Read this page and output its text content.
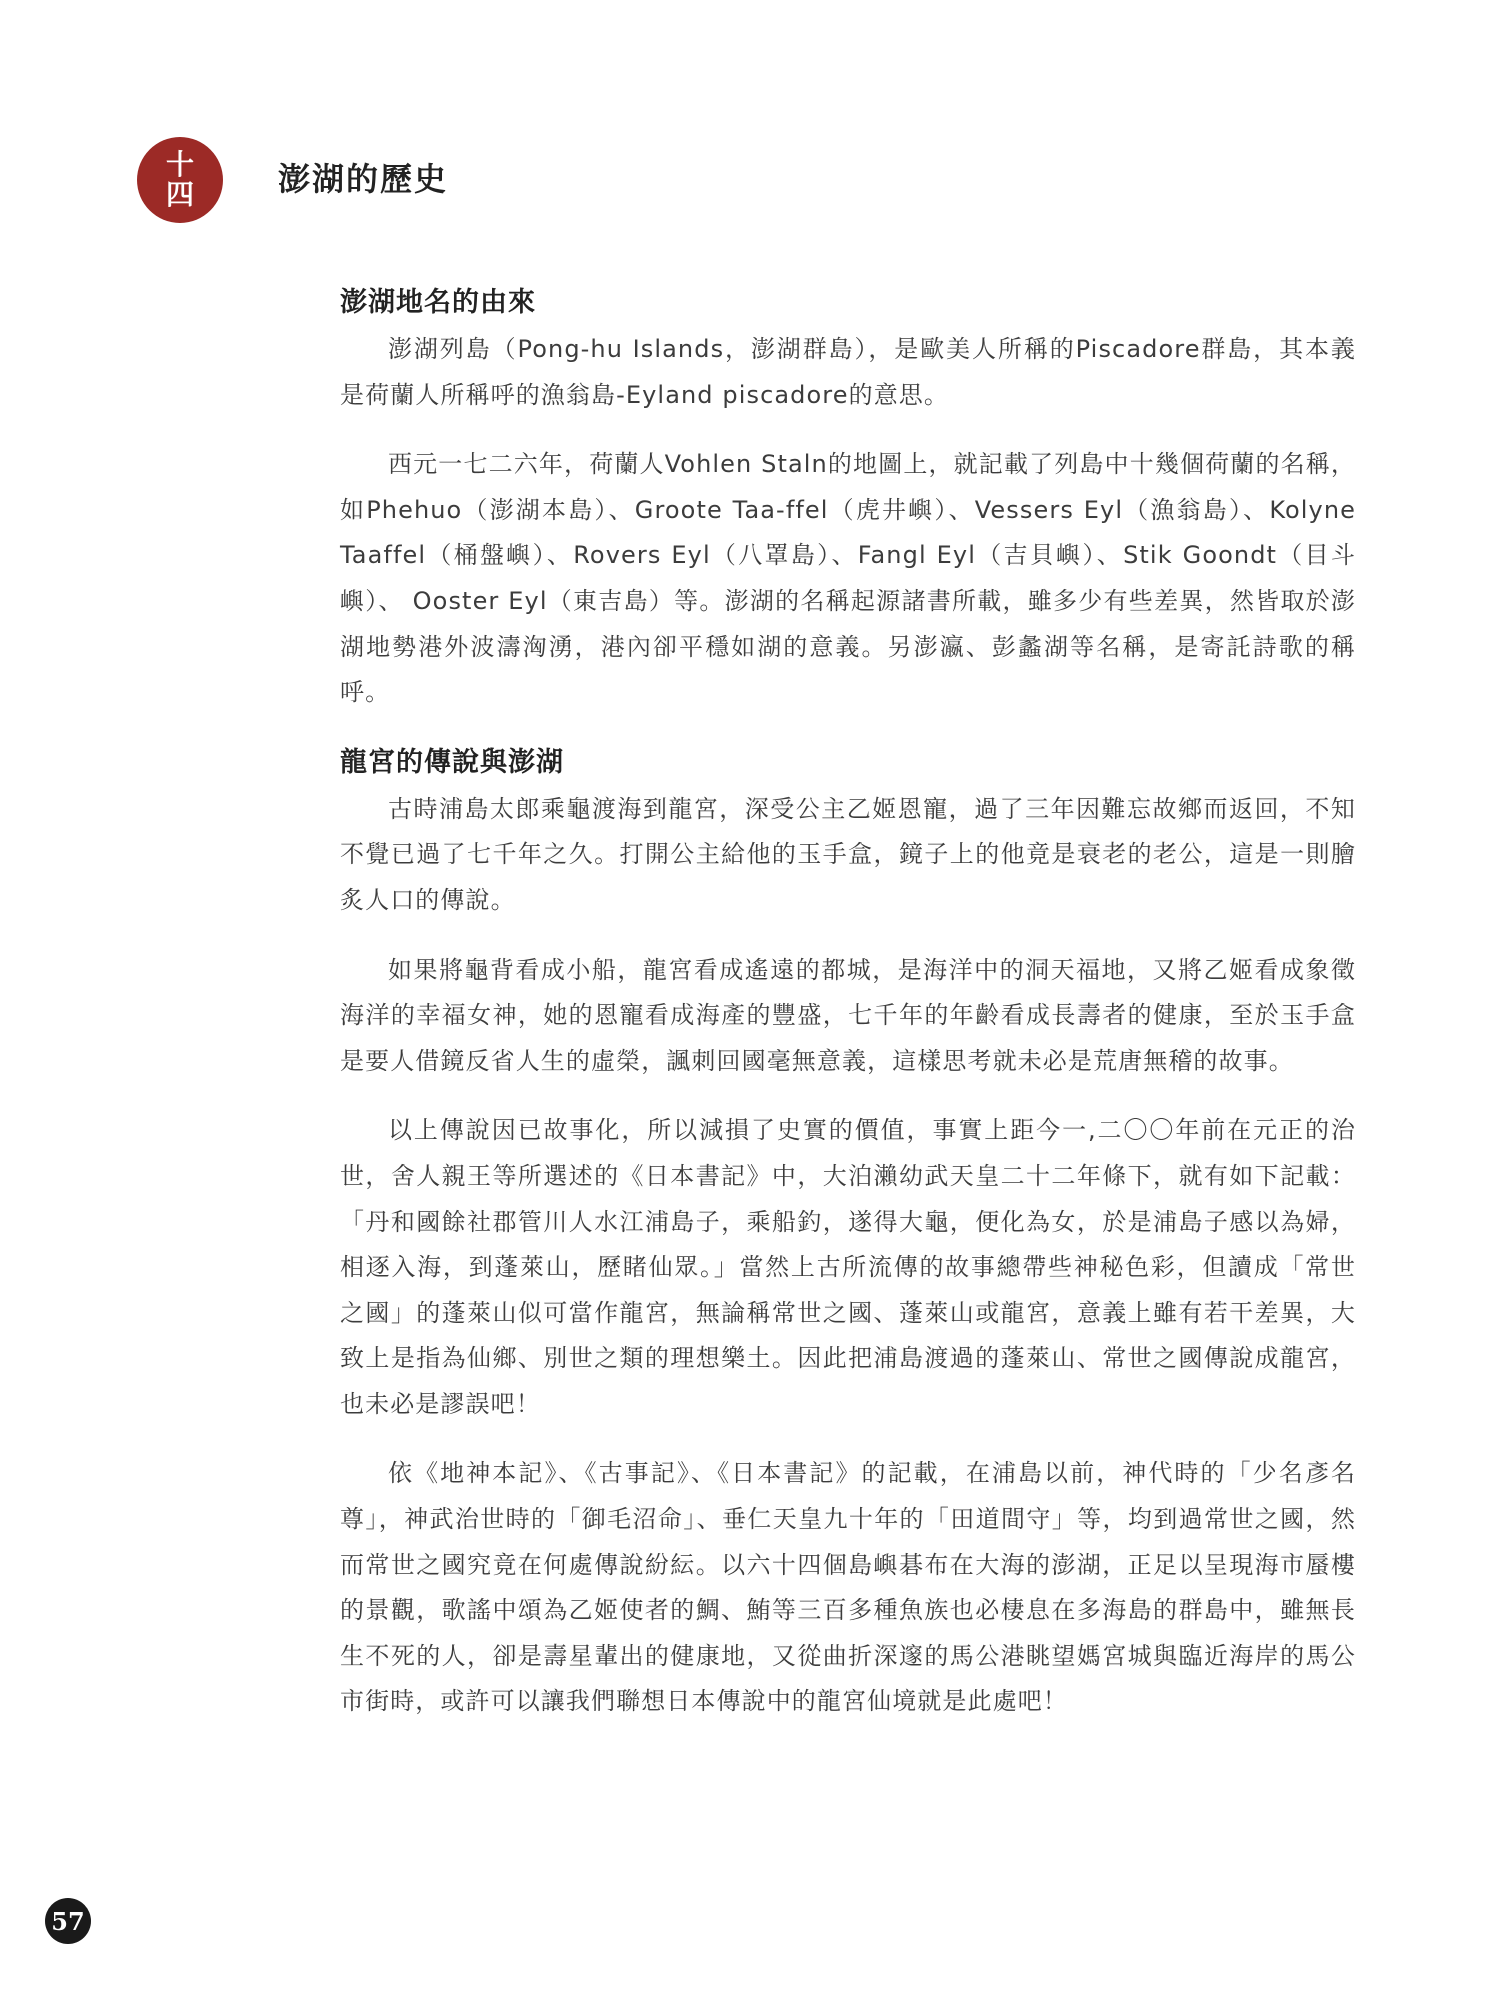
十
四	澎湖的歷史
澎湖地名的由來

澎湖列島（Pong-hu Islands，澎湖群島），是歐美人所稱的Piscadore群島，其本義是荷蘭人所稱呼的漁翁島-Eyland piscadore的意思。

西元一七二六年，荷蘭人Vohlen Staln的地圖上，就記載了列島中十幾個荷蘭的名稱，如Phehuo（澎湖本島）、Groote Taa-ffel（虎井嶼）、Vessers Eyl（漁翁島）、Kolyne Taaffel（桶盤嶼）、Rovers Eyl（八罩島）、Fangl Eyl（吉貝嶼）、Stik Goondt（目斗嶼）、 Ooster Eyl（東吉島）等。澎湖的名稱起源諸書所載，雖多少有些差異，然皆取於澎湖地勢港外波濤洶湧，港內卻平穩如湖的意義。另澎瀛、彭蠡湖等名稱，是寄託詩歌的稱呼。

龍宮的傳說與澎湖

古時浦島太郎乘龜渡海到龍宮，深受公主乙姬恩寵，過了三年因難忘故鄉而返回，不知不覺已過了七千年之久。打開公主給他的玉手盒，鏡子上的他竟是衰老的老公，這是一則膾炙人口的傳說。

如果將龜背看成小船，龍宮看成遙遠的都城，是海洋中的洞天福地，又將乙姬看成象徵海洋的幸福女神，她的恩寵看成海產的豐盛，七千年的年齡看成長壽者的健康，至於玉手盒是要人借鏡反省人生的虛榮，諷刺回國毫無意義，這樣思考就未必是荒唐無稽的故事。

以上傳說因已故事化，所以減損了史實的價值，事實上距今一,二〇〇年前在元正的治世，舍人親王等所選述的《日本書記》中，大泊瀨幼武天皇二十二年條下，就有如下記載：「丹和國餘社郡管川人水江浦島子，乘船釣，遂得大龜，便化為女，於是浦島子感以為婦，相逐入海，到蓬萊山，歷睹仙眾。」當然上古所流傳的故事總帶些神秘色彩，但讀成「常世之國」的蓬萊山似可當作龍宮，無論稱常世之國、蓬萊山或龍宮，意義上雖有若干差異，大致上是指為仙鄉、別世之類的理想樂土。因此把浦島渡過的蓬萊山、常世之國傳說成龍宮，也未必是謬誤吧！

依《地神本記》、《古事記》、《日本書記》的記載，在浦島以前，神代時的「少名彥名尊」，神武治世時的「御毛沼命」、垂仁天皇九十年的「田道間守」等，均到過常世之國，然而常世之國究竟在何處傳說紛紜。以六十四個島嶼碁布在大海的澎湖，正足以呈現海市蜃樓的景觀，歌謠中頌為乙姬使者的鯛、鮪等三百多種魚族也必棲息在多海島的群島中，雖無長生不死的人，卻是壽星輩出的健康地，又從曲折深邃的馬公港眺望媽宮城與臨近海岸的馬公市街時，或許可以讓我們聯想日本傳說中的龍宮仙境就是此處吧！

57
